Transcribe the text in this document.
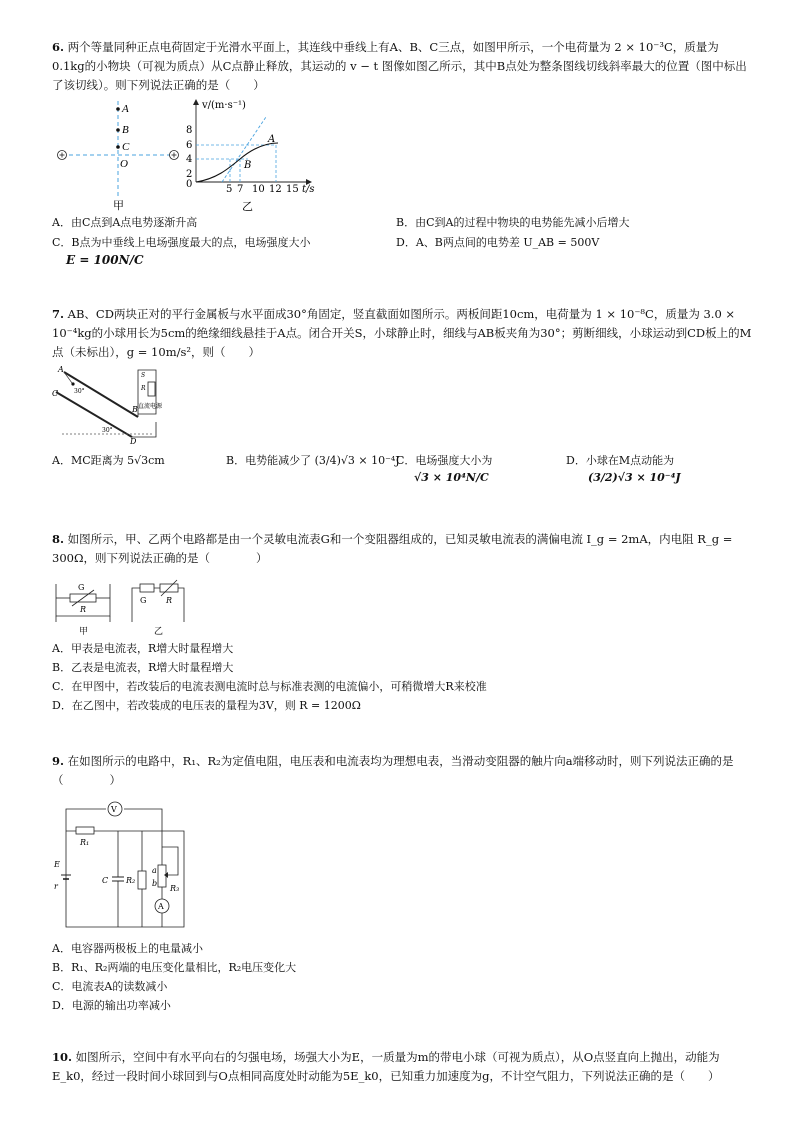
6. 两个等量同种正点电荷固定于光滑水平面上，其连线中垂线上有A、B、C三点，如图甲所示，一个电荷量为 2 × 10⁻³C，质量为 0.1kg的小物块（可视为质点）从C点静止释放，其运动的 v − t 图像如图乙所示，其中B点处为整条图线切线斜率最大的位置（图中标出了该切线）。则下列说法正确的是（　　）

A
B
C
O
甲
v/(m·s⁻¹)
t/s
8
6
4
2
0
A
B
5 7 10 12 15
乙
A．由C点到A点电势逐渐升高	B．由C到A的过程中物块的电势能先减小后增大
C．B点为中垂线上电场强度最大的点，电场强度大小
E = 100N/C
D．A、B两点间的电势差 U_AB = 500V

7. AB、CD两块正对的平行金属板与水平面成30°角固定，竖直截面如图所示。两板间距10cm，电荷量为 1 × 10⁻⁸C，质量为 3.0 × 10⁻⁴kg的小球用长为5cm的绝缘细线悬挂于A点。闭合开关S，小球静止时，细线与AB板夹角为30°；剪断细线，小球运动到CD板上的M点（未标出），g = 10m/s²，则（　　）

A
B
C
D
30°
30°
S
R
直流电源
A．MC距离为 5√3cm	B．电势能减少了 (3/4)√3 × 10⁻⁴J
C．电场强度大小为
√3 × 10⁴N/C
D．小球在M点动能为
(3/2)√3 × 10⁻⁴J

8. 如图所示，甲、乙两个电路都是由一个灵敏电流表G和一个变阻器组成的，已知灵敏电流表的满偏电流 I_g = 2mA，内电阻 R_g = 300Ω，则下列说法正确的是（　　　　）

G
R
甲
G R
乙
A．甲表是电流表，R增大时量程增大
B．乙表是电流表，R增大时量程增大
C．在甲图中，若改装后的电流表测电流时总与标准表测的电流偏小，可稍微增大R来校准
D．在乙图中，若改装成的电压表的量程为3V，则 R = 1200Ω

9. 在如图所示的电路中，R₁、R₂为定值电阻，电压表和电流表均为理想电表，当滑动变阻器的触片向a端移动时，则下列说法正确的是（　　　　）

V
R₁
E
r
C R₂
a
b
R₃
A
A．电容器两极板上的电量减小
B．R₁、R₂两端的电压变化量相比，R₂电压变化大
C．电流表A的读数减小
D．电源的输出功率减小

10. 如图所示，空间中有水平向右的匀强电场，场强大小为E，一质量为m的带电小球（可视为质点），从O点竖直向上抛出，动能为E_k0，经过一段时间小球回到与O点相同高度处时动能为5E_k0，已知重力加速度为g，不计空气阻力，下列说法正确的是（　　）
